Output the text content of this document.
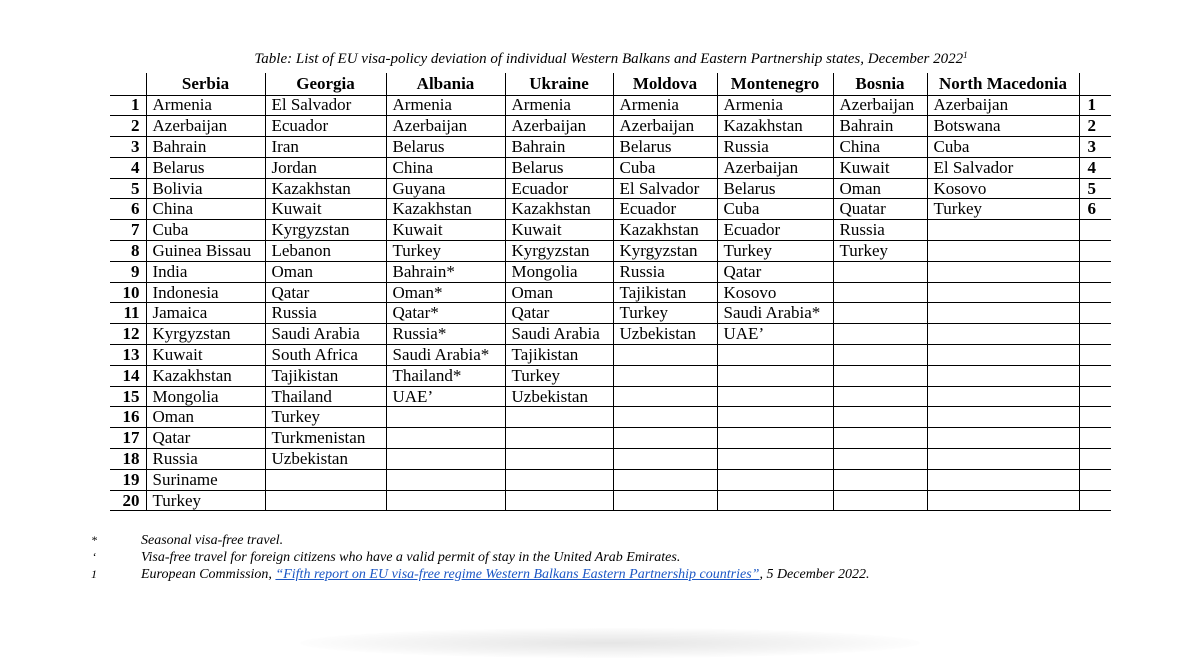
Table: List of EU visa-policy deviation of individual Western Balkans and Eastern Partnership states, December 2022$^1$
	Serbia	Georgia	Albania	Ukraine	Moldova	Montenegro	Bosnia	North Macedonia	
1	Armenia	El Salvador	Armenia	Armenia	Armenia	Armenia	Azerbaijan	Azerbaijan	1
2	Azerbaijan	Ecuador	Azerbaijan	Azerbaijan	Azerbaijan	Kazakhstan	Bahrain	Botswana	2
3	Bahrain	Iran	Belarus	Bahrain	Belarus	Russia	China	Cuba	3
4	Belarus	Jordan	China	Belarus	Cuba	Azerbaijan	Kuwait	El Salvador	4
5	Bolivia	Kazakhstan	Guyana	Ecuador	El Salvador	Belarus	Oman	Kosovo	5
6	China	Kuwait	Kazakhstan	Kazakhstan	Ecuador	Cuba	Quatar	Turkey	6
7	Cuba	Kyrgyzstan	Kuwait	Kuwait	Kazakhstan	Ecuador	Russia		
8	Guinea Bissau	Lebanon	Turkey	Kyrgyzstan	Kyrgyzstan	Turkey	Turkey		
9	India	Oman	Bahrain*	Mongolia	Russia	Qatar			
10	Indonesia	Qatar	Oman*	Oman	Tajikistan	Kosovo			
11	Jamaica	Russia	Qatar*	Qatar	Turkey	Saudi Arabia*			
12	Kyrgyzstan	Saudi Arabia	Russia*	Saudi Arabia	Uzbekistan	UAE’			
13	Kuwait	South Africa	Saudi Arabia*	Tajikistan					
14	Kazakhstan	Tajikistan	Thailand*	Turkey					
15	Mongolia	Thailand	UAE’	Uzbekistan					
16	Oman	Turkey							
17	Qatar	Turkmenistan							
18	Russia	Uzbekistan							
19	Suriname								
20	Turkey								
*	Seasonal visa-free travel.
‘	Visa-free travel for foreign citizens who have a valid permit of stay in the United Arab Emirates.
1	European Commission, “Fifth report on EU visa-free regime Western Balkans Eastern Partnership countries”, 5 December 2022.
